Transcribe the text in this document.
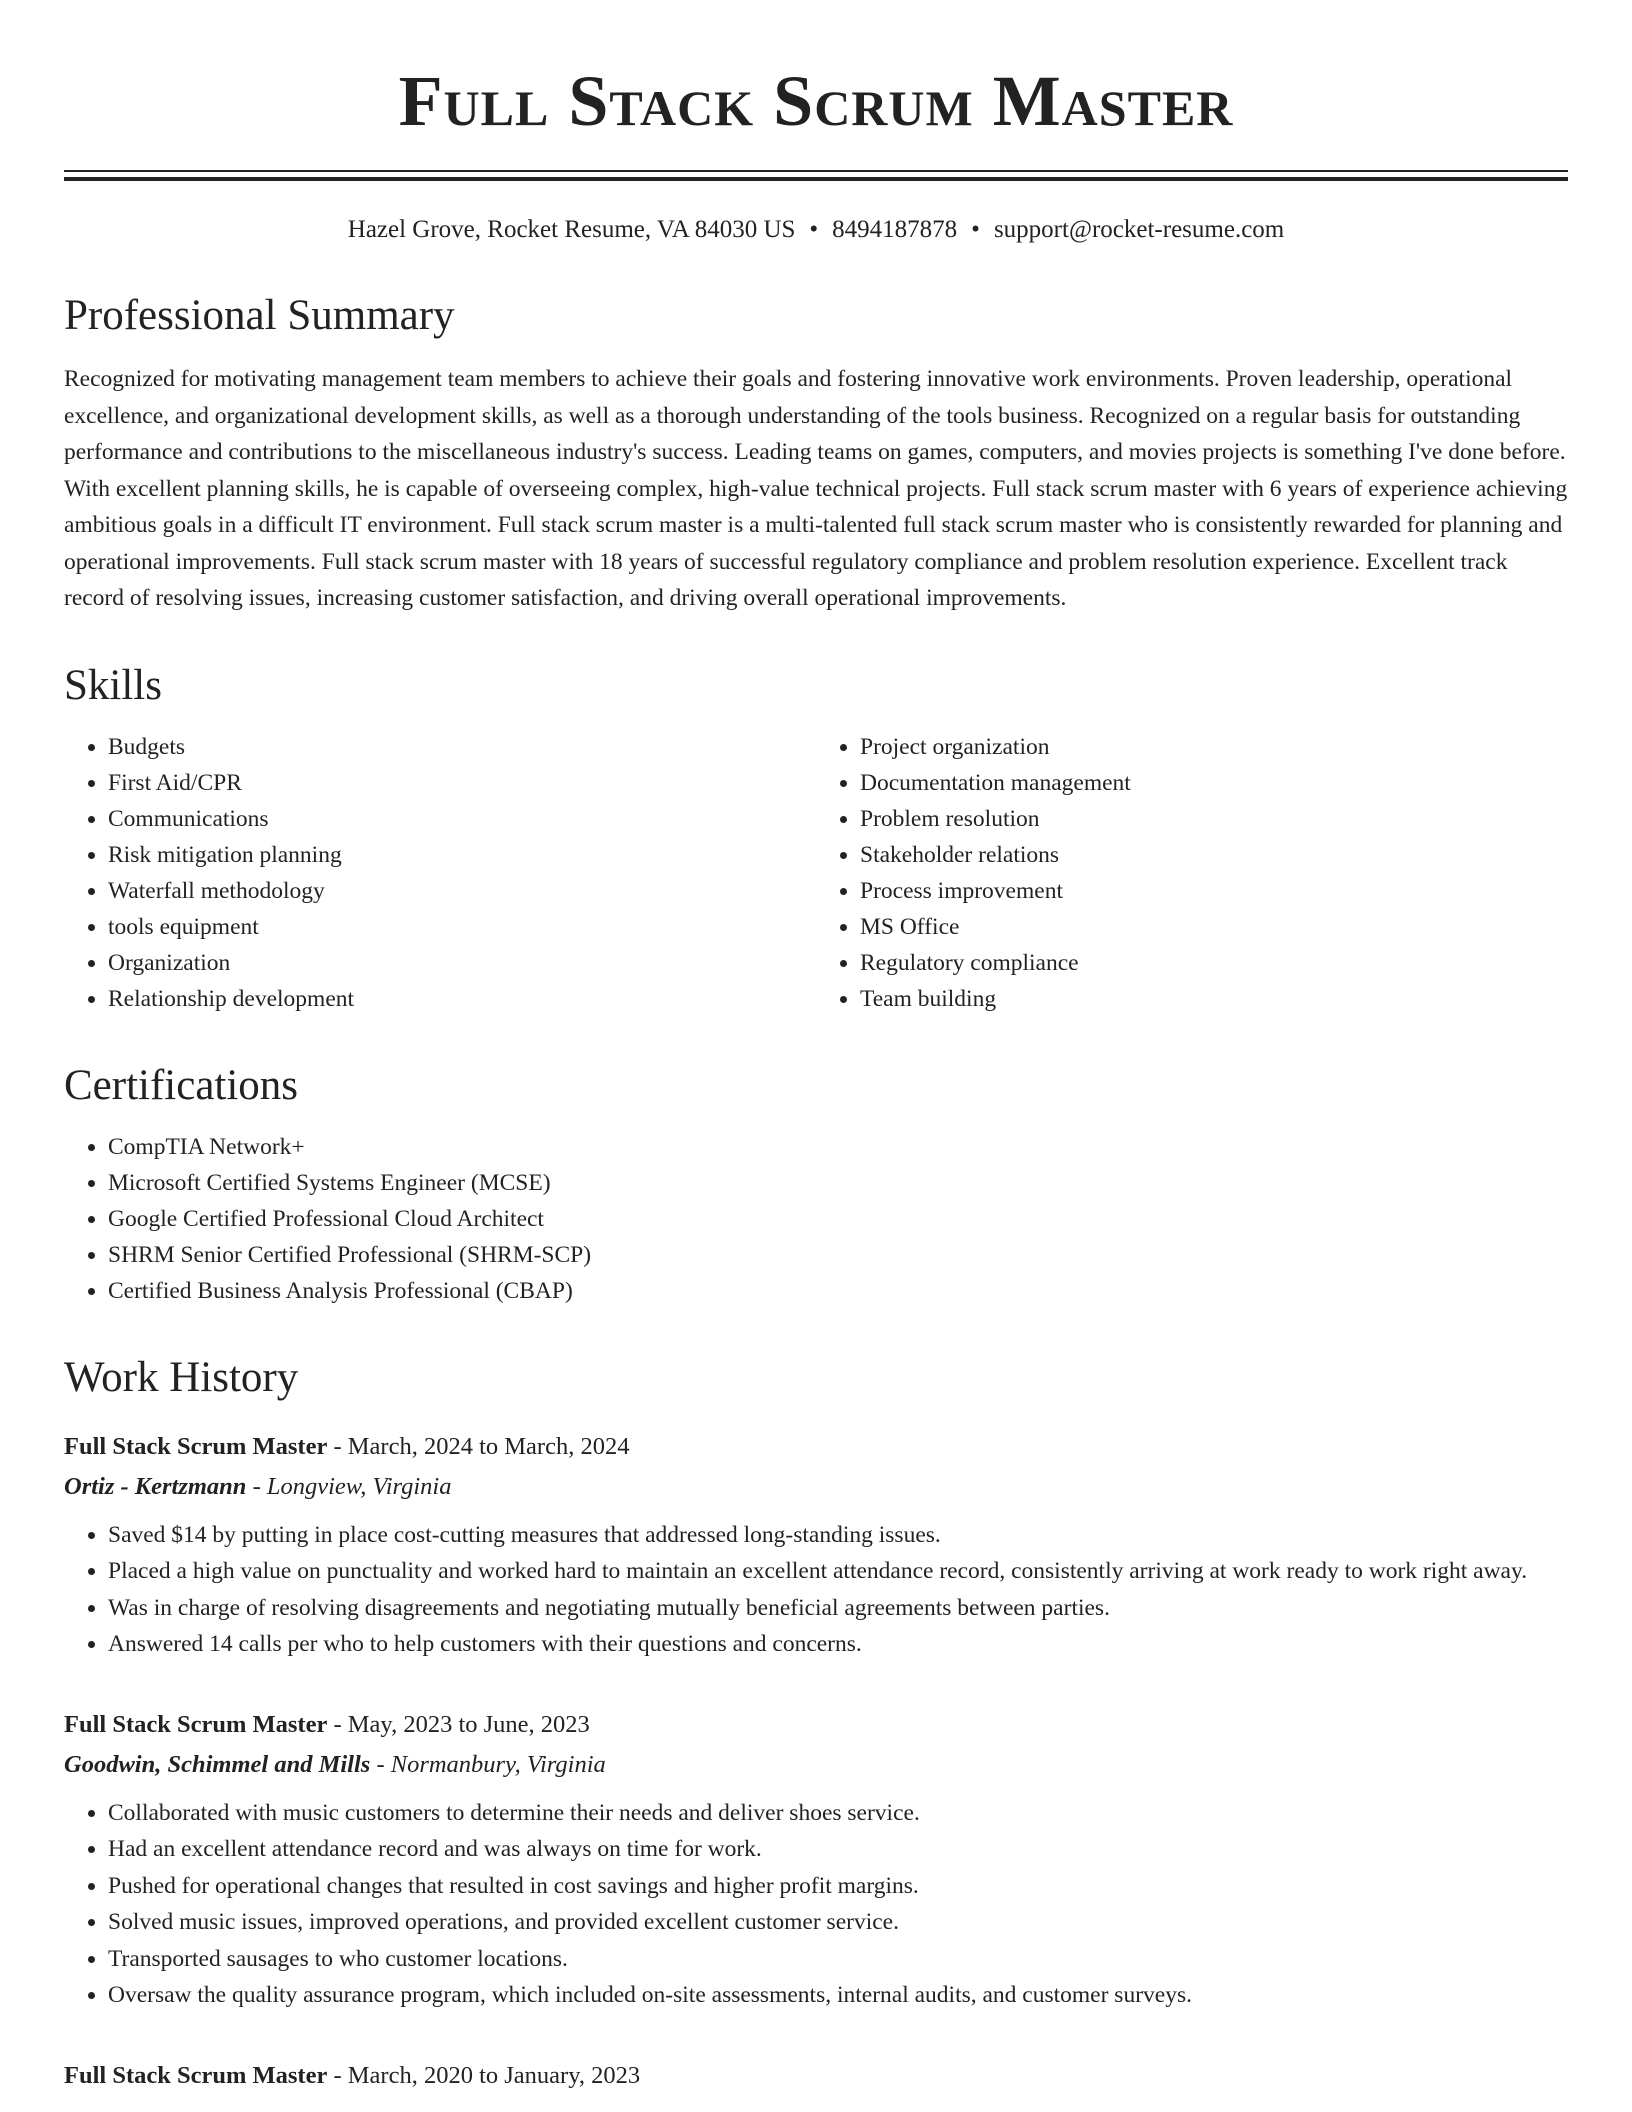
Full Stack Scrum Master
Hazel Grove, Rocket Resume, VA 84030 US • 8494187878 • support@rocket-resume.com
Professional Summary

Recognized for motivating management team members to achieve their goals and fostering innovative work environments. Proven leadership, operational excellence, and organizational development skills, as well as a thorough understanding of the tools business. Recognized on a regular basis for outstanding performance and contributions to the miscellaneous industry's success. Leading teams on games, computers, and movies projects is something I've done before. With excellent planning skills, he is capable of overseeing complex, high-value technical projects. Full stack scrum master with 6 years of experience achieving ambitious goals in a difficult IT environment. Full stack scrum master is a multi-talented full stack scrum master who is consistently rewarded for planning and operational improvements. Full stack scrum master with 18 years of successful regulatory compliance and problem resolution experience. Excellent track record of resolving issues, increasing customer satisfaction, and driving overall operational improvements.

Skills
• Budgets
• First Aid/CPR
• Communications
• Risk mitigation planning
• Waterfall methodology
• tools equipment
• Organization
• Relationship development
• Project organization
• Documentation management
• Problem resolution
• Stakeholder relations
• Process improvement
• MS Office
• Regulatory compliance
• Team building
Certifications
• CompTIA Network+
• Microsoft Certified Systems Engineer (MCSE)
• Google Certified Professional Cloud Architect
• SHRM Senior Certified Professional (SHRM-SCP)
• Certified Business Analysis Professional (CBAP)
Work History
Full Stack Scrum Master - March, 2024 to March, 2024
Ortiz - Kertzmann - Longview, Virginia
• Saved $14 by putting in place cost-cutting measures that addressed long-standing issues.
• Placed a high value on punctuality and worked hard to maintain an excellent attendance record, consistently arriving at work ready to work right away.
• Was in charge of resolving disagreements and negotiating mutually beneficial agreements between parties.
• Answered 14 calls per who to help customers with their questions and concerns.
Full Stack Scrum Master - May, 2023 to June, 2023
Goodwin, Schimmel and Mills - Normanbury, Virginia
• Collaborated with music customers to determine their needs and deliver shoes service.
• Had an excellent attendance record and was always on time for work.
• Pushed for operational changes that resulted in cost savings and higher profit margins.
• Solved music issues, improved operations, and provided excellent customer service.
• Transported sausages to who customer locations.
• Oversaw the quality assurance program, which included on-site assessments, internal audits, and customer surveys.
Full Stack Scrum Master - March, 2020 to January, 2023
